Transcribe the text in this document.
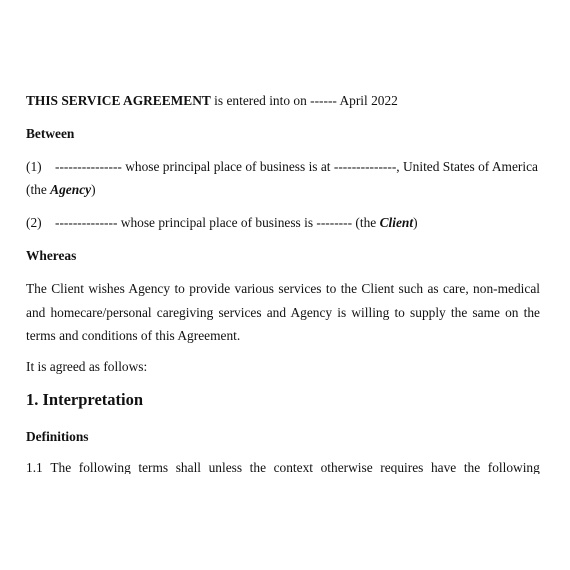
THIS SERVICE AGREEMENT is entered into on ------ April 2022
Between
(1) --------------- whose principal place of business is at --------------, United States of America
(the Agency)
(2) -------------- whose principal place of business is -------- (the Client)
Whereas
The Client wishes Agency to provide various services to the Client such as care, non-medical and homecare/personal caregiving services and Agency is willing to supply the same on the terms and conditions of this Agreement.
It is agreed as follows:
1. Interpretation
Definitions
1.1 The following terms shall unless the context otherwise requires have the following
